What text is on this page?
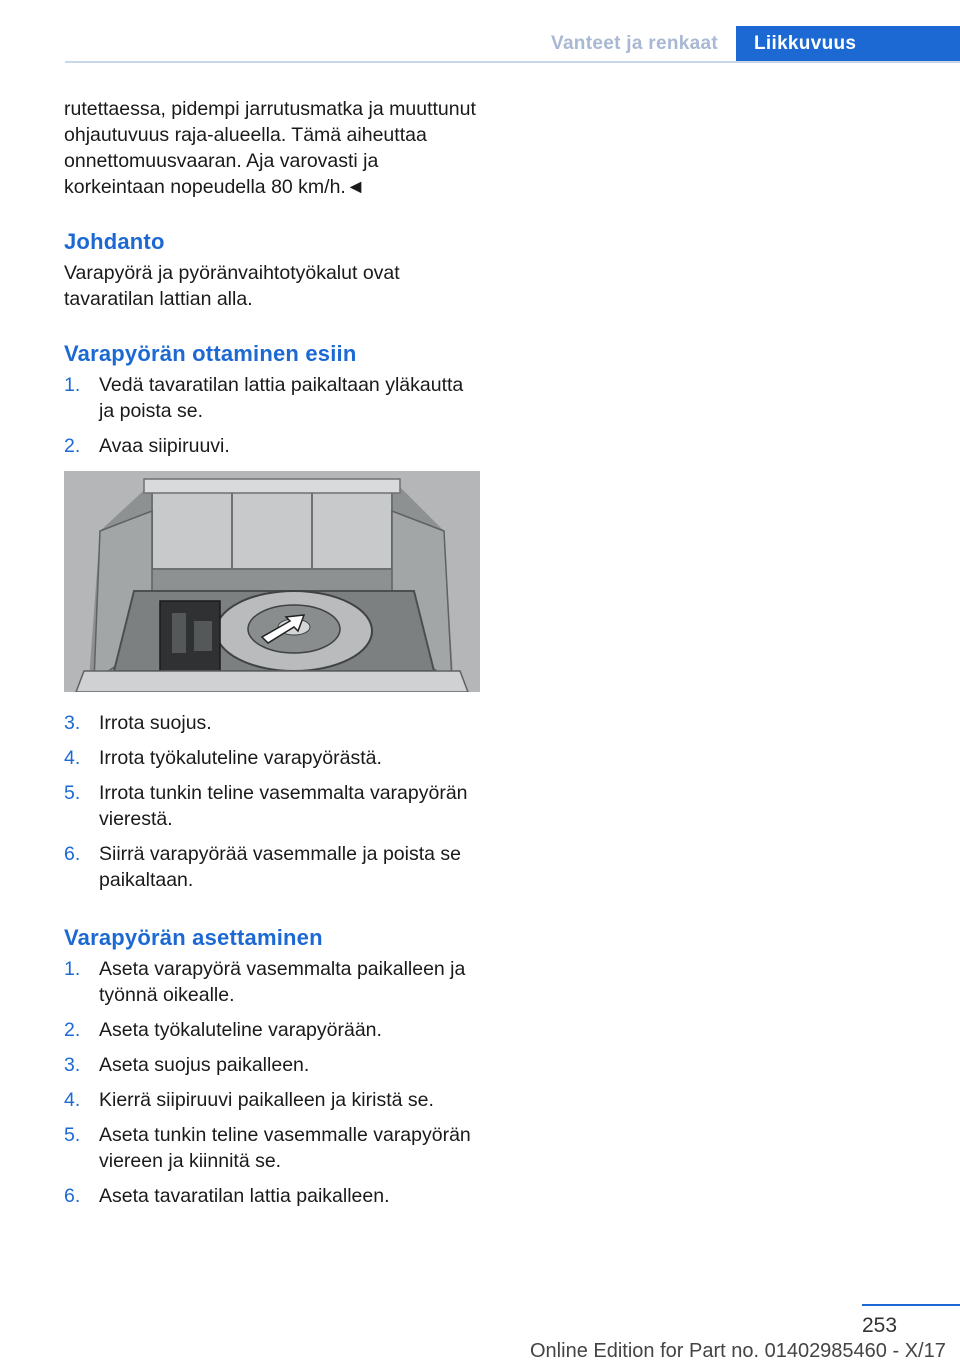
Vanteet ja renkaat	Liikkuvuus

rutettaessa, pidempi jarrutusmatka ja muuttunut ohjautuvuus raja-alueella. Tämä aiheuttaa onnettomuusvaaran. Aja varovasti ja korkeintaan nopeudella 80 km/h.◄

Johdanto

Varapyörä ja pyöränvaihtotyökalut ovat tavaratilan lattian alla.

Varapyörän ottaminen esiin
1. Vedä tavaratilan lattia paikaltaan yläkautta ja poista se.
2. Avaa siipiruuvi.
3. Irrota suojus.
4. Irrota työkaluteline varapyörästä.
5. Irrota tunkin teline vasemmalta varapyörän vierestä.
6. Siirrä varapyörää vasemmalle ja poista se paikaltaan.
Varapyörän asettaminen
1. Aseta varapyörä vasemmalta paikalleen ja työnnä oikealle.
2. Aseta työkaluteline varapyörään.
3. Aseta suojus paikalleen.
4. Kierrä siipiruuvi paikalleen ja kiristä se.
5. Aseta tunkin teline vasemmalle varapyörän viereen ja kiinnitä se.
6. Aseta tavaratilan lattia paikalleen.
253
Online Edition for Part no. 01402985460 - X/17
